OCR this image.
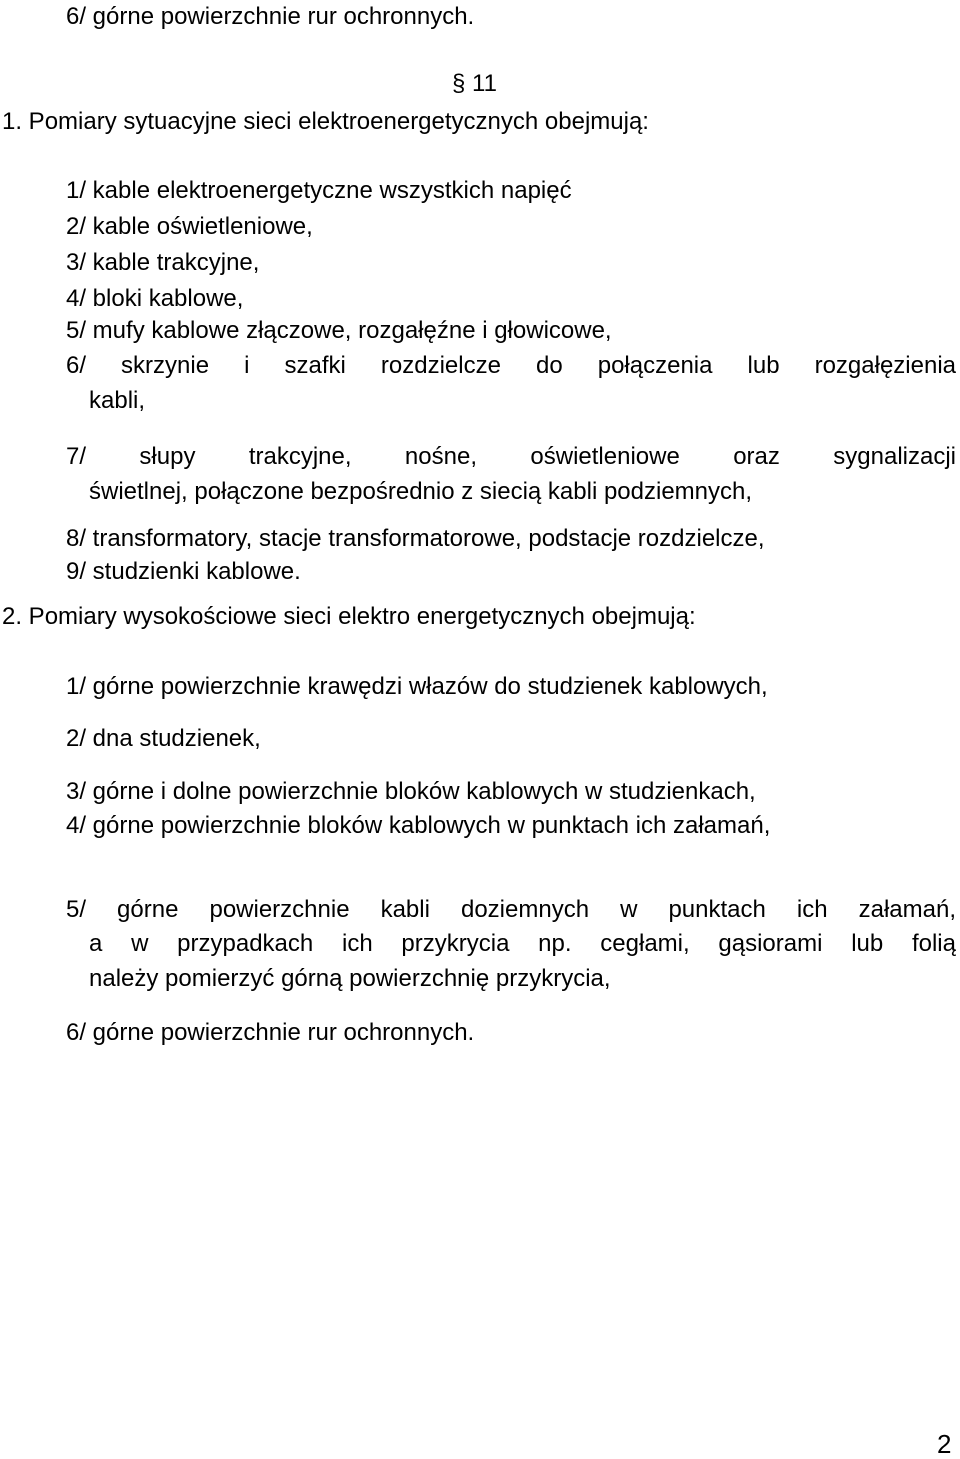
6/ górne powierzchnie rur ochronnych.

§ 11

1. Pomiary sytuacyjne sieci elektroenergetycznych obejmują:

1/ kable elektroenergetyczne wszystkich napięć

2/ kable oświetleniowe,

3/ kable trakcyjne,

4/ bloki kablowe,

5/ mufy kablowe złączowe, rozgałęźne i głowicowe,

6/ skrzynie i szafki rozdzielcze do połączenia lub rozgałęzienia

kabli,

7/ słupy trakcyjne, nośne, oświetleniowe oraz sygnalizacji

świetlnej, połączone bezpośrednio z siecią kabli podziemnych,

8/ transformatory, stacje transformatorowe, podstacje rozdzielcze,

9/ studzienki kablowe.

2. Pomiary wysokościowe sieci elektro energetycznych obejmują:

1/ górne powierzchnie krawędzi włazów do studzienek kablowych,

2/ dna studzienek,

3/ górne i dolne powierzchnie bloków kablowych w studzienkach,

4/ górne powierzchnie bloków kablowych w punktach ich załamań,

5/ górne powierzchnie kabli doziemnych w punktach ich załamań,

a w przypadkach ich przykrycia np. cegłami, gąsiorami lub folią

należy pomierzyć górną powierzchnię przykrycia,

6/ górne powierzchnie rur ochronnych.

2
